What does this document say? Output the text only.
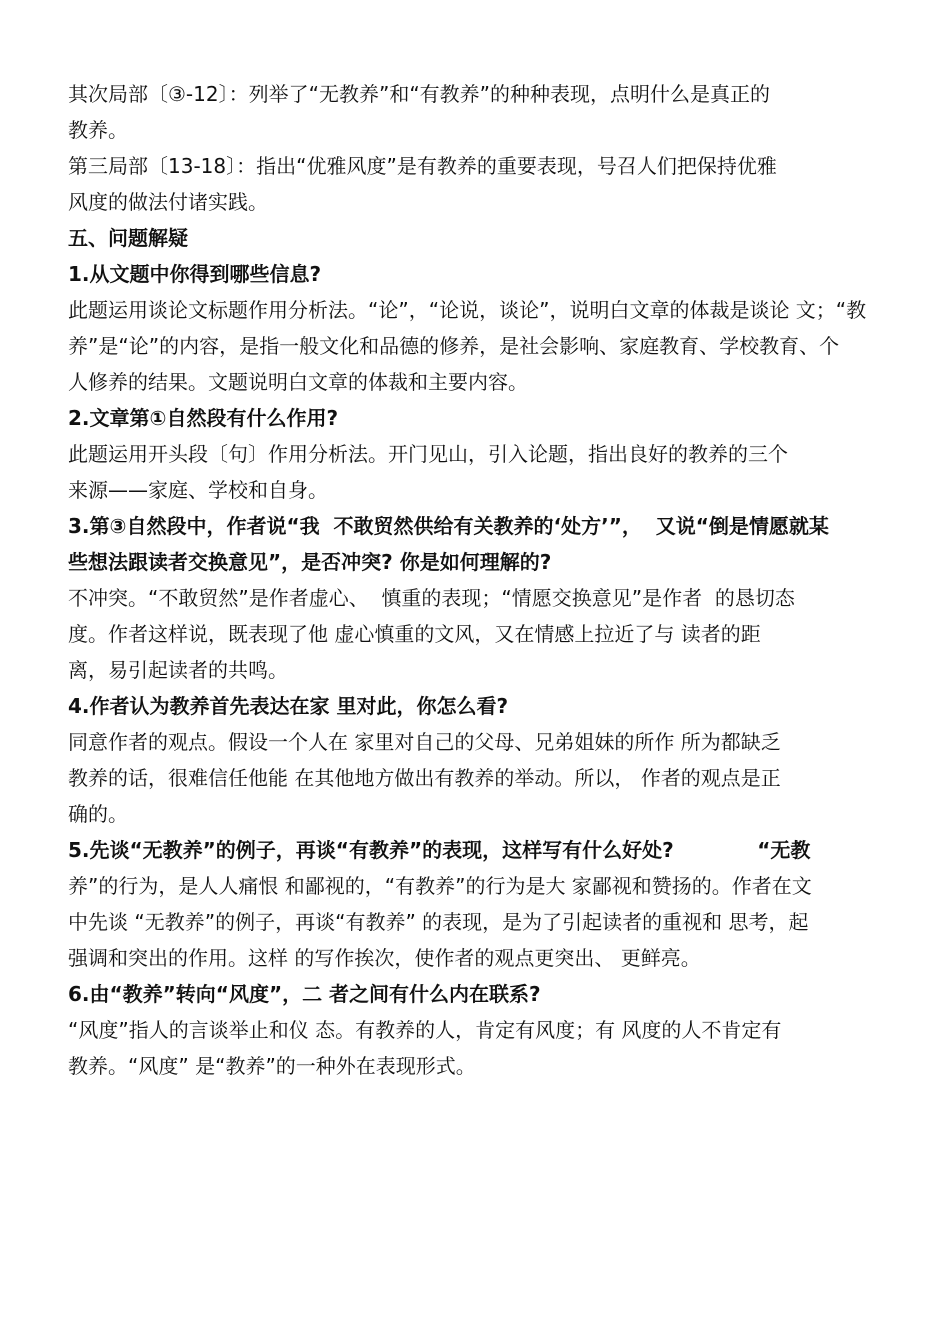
其次局部〔③-12〕：列举了“无教养”和“有教养”的种种表现，点明什么是真正的
教养。
第三局部〔13-18〕：指出“优雅风度”是有教养的重要表现，号召人们把保持优雅
风度的做法付诸实践。
五、问题解疑
1.从文题中你得到哪些信息?
此题运用谈论文标题作用分析法。“论”，“论说，谈论”，说明白文章的体裁是谈论 文；“教
养”是“论”的内容，是指一般文化和品德的修养，是社会影响、家庭教育、学校教育、个
人修养的结果。文题说明白文章的体裁和主要内容。
2.文章第①自然段有什么作用?
此题运用开头段〔句〕作用分析法。开门见山，引入论题，指出良好的教养的三个
来源——家庭、学校和自身。
3.第③自然段中，作者说“我  不敢贸然供给有关教养的‘处方’”，  又说“倒是情愿就某
些想法跟读者交换意见”，是否冲突? 你是如何理解的?
不冲突。“不敢贸然”是作者虚心、  慎重的表现；“情愿交换意见”是作者  的恳切态
度。作者这样说，既表现了他 虚心慎重的文风，又在情感上拉近了与 读者的距
离，易引起读者的共鸣。
4.作者认为教养首先表达在家 里对此，你怎么看?
同意作者的观点。假设一个人在 家里对自己的父母、兄弟姐妹的所作 所为都缺乏
教养的话，很难信任他能 在其他地方做出有教养的举动。所以， 作者的观点是正
确的。
5.先谈“无教养”的例子，再谈“有教养”的表现，这样写有什么好处?            “无教
养”的行为，是人人痛恨 和鄙视的，“有教养”的行为是大 家鄙视和赞扬的。作者在文
中先谈 “无教养”的例子，再谈“有教养” 的表现，是为了引起读者的重视和 思考，起
强调和突出的作用。这样 的写作挨次，使作者的观点更突出、 更鲜亮。
6.由“教养”转向“风度”，二 者之间有什么内在联系?
“风度”指人的言谈举止和仪 态。有教养的人，肯定有风度；有 风度的人不肯定有
教养。“风度” 是“教养”的一种外在表现形式。
